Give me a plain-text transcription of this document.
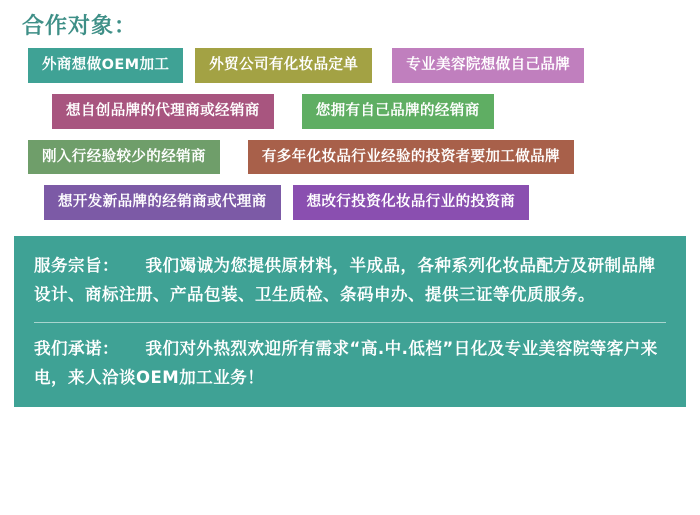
合作对象：
外商想做OEM加工	外贸公司有化妆品定单	专业美容院想做自己品牌
想自创品牌的代理商或经销商	您拥有自己品牌的经销商
刚入行经验较少的经销商	有多年化妆品行业经验的投资者要加工做品牌
想开发新品牌的经销商或代理商	想改行投资化妆品行业的投资商
服务宗旨： 我们竭诚为您提供原材料，半成品，各种系列化妆品配方及研制品牌设计、商标注册、产品包装、卫生质检、条码申办、提供三证等优质服务。
我们承诺： 我们对外热烈欢迎所有需求“高.中.低档”日化及专业美容院等客户来电，来人洽谈OEM加工业务！
